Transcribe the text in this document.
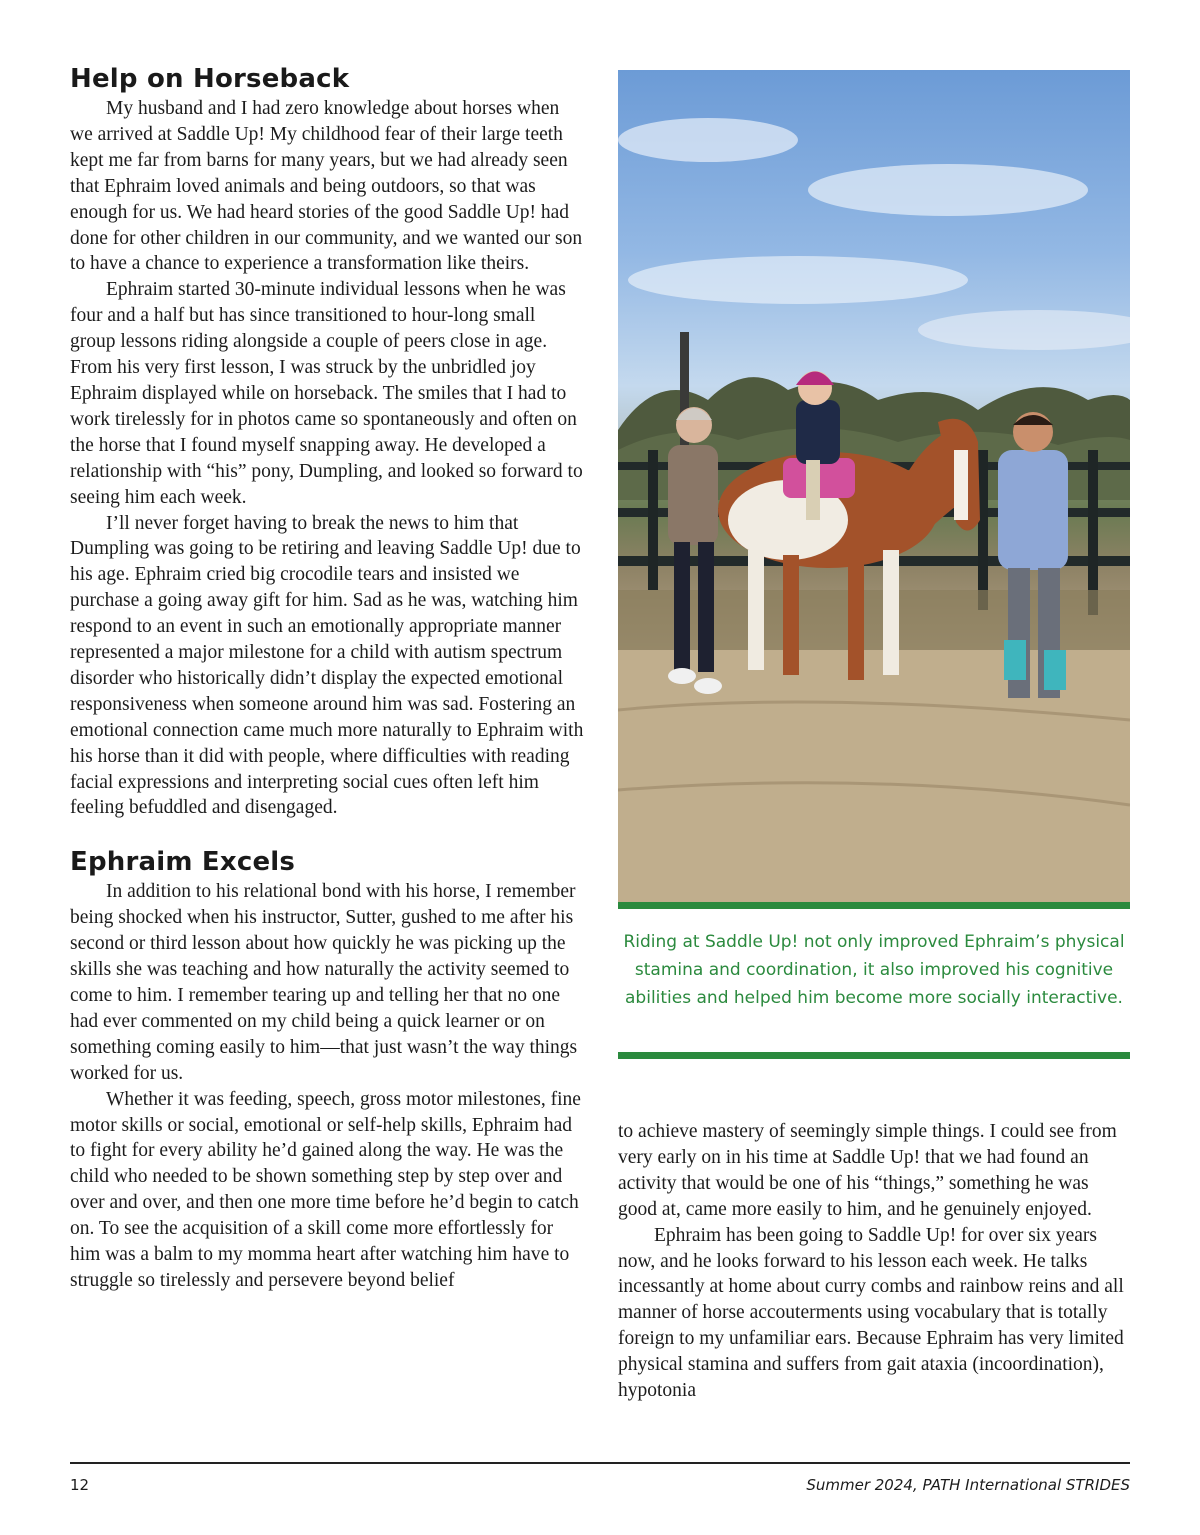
Help on Horseback

My husband and I had zero knowledge about horses when we arrived at Saddle Up! My childhood fear of their large teeth kept me far from barns for many years, but we had already seen that Ephraim loved animals and being outdoors, so that was enough for us. We had heard stories of the good Saddle Up! had done for other children in our community, and we wanted our son to have a chance to experience a transformation like theirs.

Ephraim started 30-minute individual lessons when he was four and a half but has since transitioned to hour-long small group lessons riding alongside a couple of peers close in age. From his very first lesson, I was struck by the unbridled joy Ephraim displayed while on horseback. The smiles that I had to work tirelessly for in photos came so spontaneously and often on the horse that I found myself snapping away. He developed a relationship with “his” pony, Dumpling, and looked so forward to seeing him each week.

I’ll never forget having to break the news to him that Dumpling was going to be retiring and leaving Saddle Up! due to his age. Ephraim cried big crocodile tears and insisted we purchase a going away gift for him. Sad as he was, watching him respond to an event in such an emotionally appropriate manner represented a major milestone for a child with autism spectrum disorder who historically didn’t display the expected emotional responsiveness when someone around him was sad. Fostering an emotional connection came much more naturally to Ephraim with his horse than it did with people, where difficulties with reading facial expressions and interpreting social cues often left him feeling befuddled and disengaged.

Ephraim Excels

In addition to his relational bond with his horse, I remember being shocked when his instructor, Sutter, gushed to me after his second or third lesson about how quickly he was picking up the skills she was teaching and how naturally the activity seemed to come to him. I remember tearing up and telling her that no one had ever commented on my child being a quick learner or on something coming easily to him—that just wasn’t the way things worked for us.

Whether it was feeding, speech, gross motor milestones, fine motor skills or social, emotional or self-help skills, Ephraim had to fight for every ability he’d gained along the way. He was the child who needed to be shown something step by step over and over and over, and then one more time before he’d begin to catch on. To see the acquisition of a skill come more effortlessly for him was a balm to my momma heart after watching him have to struggle so tirelessly and persevere beyond belief

Riding at Saddle Up! not only improved Ephraim’s physical stamina and coordination, it also improved his cognitive abilities and helped him become more socially interactive.

to achieve mastery of seemingly simple things. I could see from very early on in his time at Saddle Up! that we had found an activity that would be one of his “things,” something he was good at, came more easily to him, and he genuinely enjoyed.

Ephraim has been going to Saddle Up! for over six years now, and he looks forward to his lesson each week. He talks incessantly at home about curry combs and rainbow reins and all manner of horse accouterments using vocabulary that is totally foreign to my unfamiliar ears. Because Ephraim has very limited physical stamina and suffers from gait ataxia (incoordination), hypotonia

12	Summer 2024, PATH International STRIDES
